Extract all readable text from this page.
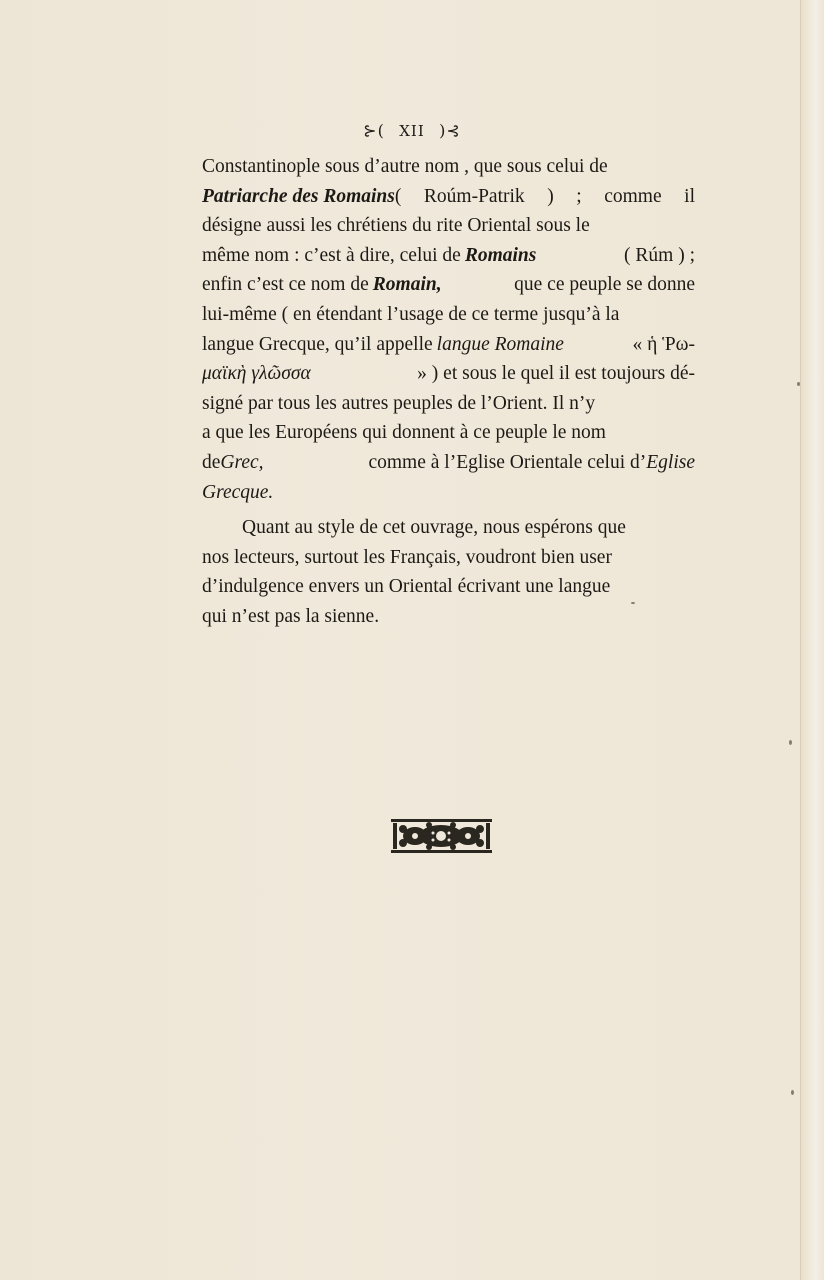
⊱( XII )⊰
Constantinople sous d’autre nom , que sous celui de
Patriarche des Romains ( Roúm-Patrik ) ; comme il
désigne aussi les chrétiens du rite Oriental sous le
même nom : c’est à dire, celui de Romains	( Rúm ) ;
enfin c’est ce nom de Romain,	que ce peuple se donne
lui-même ( en étendant l’usage de ce terme jusqu’à la
langue Grecque, qu’il appelle langue Romaine	« ἡ Ῥω-
μαϊκὴ γλῶσσα	» ) et sous le quel il est toujours dé-
signé par tous les autres peuples de l’Orient. Il n’y
a que les Européens qui donnent à ce peuple le nom
de Grec,	comme à l’Eglise Orientale celui d’ Eglise
Grecque.
Quant au style de cet ouvrage, nous espérons que
nos lecteurs, surtout les Français, voudront bien user
d’indulgence envers un Oriental écrivant une langue
qui n’est pas la sienne.
